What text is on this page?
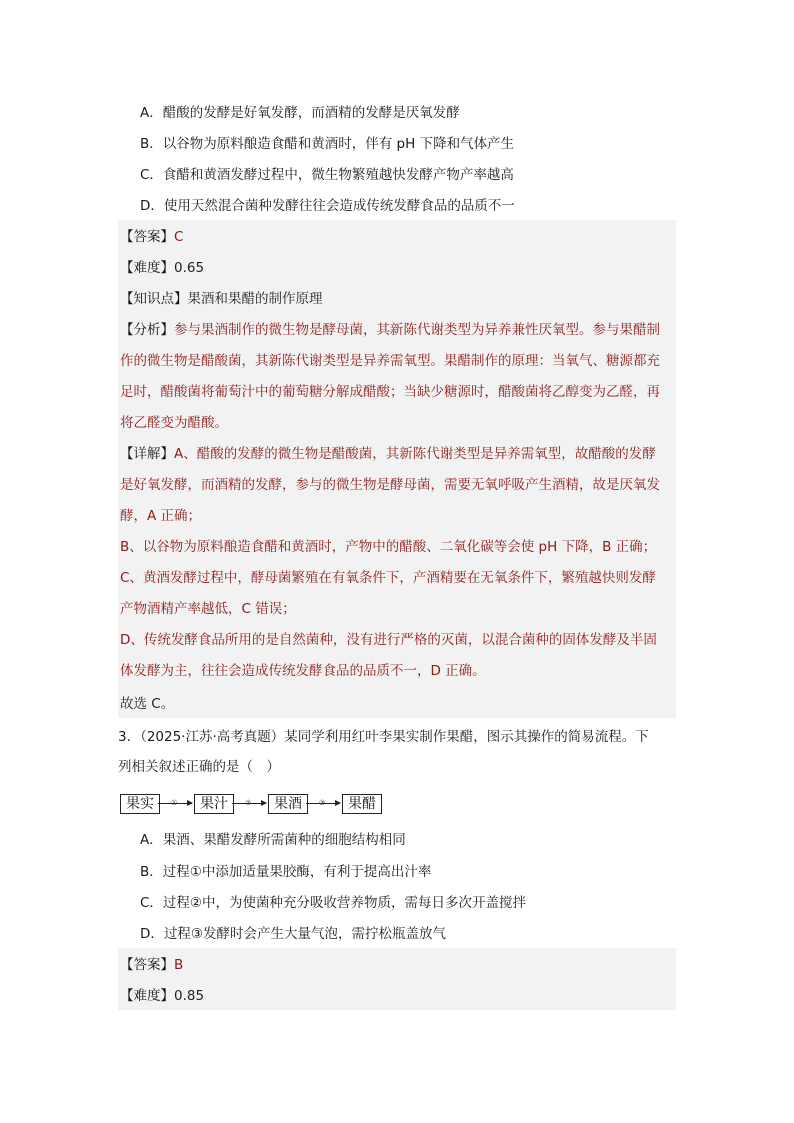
A．醋酸的发酵是好氧发酵，而酒精的发酵是厌氧发酵
B．以谷物为原料酿造食醋和黄酒时，伴有 pH 下降和气体产生
C．食醋和黄酒发酵过程中，微生物繁殖越快发酵产物产率越高
D．使用天然混合菌种发酵往往会造成传统发酵食品的品质不一
【答案】C
【难度】0.65
【知识点】果酒和果醋的制作原理
【分析】参与果酒制作的微生物是酵母菌，其新陈代谢类型为异养兼性厌氧型。参与果醋制
作的微生物是醋酸菌，其新陈代谢类型是异养需氧型。果醋制作的原理：当氧气、糖源都充
足时，醋酸菌将葡萄汁中的葡萄糖分解成醋酸；当缺少糖源时，醋酸菌将乙醇变为乙醛，再
将乙醛变为醋酸。
【详解】A、醋酸的发酵的微生物是醋酸菌，其新陈代谢类型是异养需氧型，故醋酸的发酵
是好氧发酵，而酒精的发酵，参与的微生物是酵母菌，需要无氧呼吸产生酒精，故是厌氧发
酵，A 正确；
B、以谷物为原料酿造食醋和黄酒时，产物中的醋酸、二氧化碳等会使 pH 下降，B 正确；
C、黄酒发酵过程中，酵母菌繁殖在有氧条件下，产酒精要在无氧条件下，繁殖越快则发酵
产物酒精产率越低，C 错误；
D、传统发酵食品所用的是自然菌种，没有进行严格的灭菌，以混合菌种的固体发酵及半固
体发酵为主，往往会造成传统发酵食品的品质不一，D 正确。
故选 C。
3．（2025·江苏·高考真题）某同学利用红叶李果实制作果醋，图示其操作的简易流程。下
列相关叙述正确的是（　）
果实	①	果汁	②	果酒	③	果醋
A．果酒、果醋发酵所需菌种的细胞结构相同
B．过程①中添加适量果胶酶，有利于提高出汁率
C．过程②中，为使菌种充分吸收营养物质，需每日多次开盖搅拌
D．过程③发酵时会产生大量气泡，需拧松瓶盖放气
【答案】B
【难度】0.85
